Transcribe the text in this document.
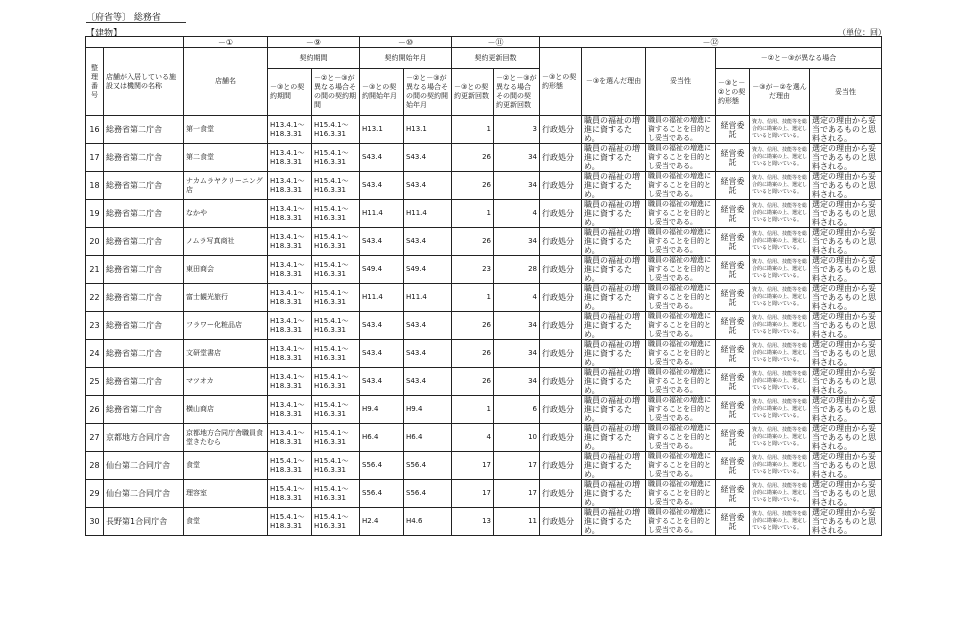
〔府省等〕 総務省
【建物】	（単位：回）
		－①	－⑨		－⑩		－⑪		－⑫					
整理番号	店舗が入居している施設又は機関の名称	店舗名	契約期間		契約開始年月		契約更新回数		－③との契約形態	－③を選んだ理由	妥当性	－②と－③が異なる場合		
			－③との契約期間	－②と－③が異なる場合その間の契約期間	－③との契約開始年月	－②と－③が異なる場合その間の契約開始年月	－③との契約更新回数	－②と－③が異なる場合その間の契約更新回数				－③と－②との契約形態	－③が－②を選んだ理由	妥当性
16	総務省第二庁舎	第一食堂	H13.4.1～H18.3.31	H15.4.1～H16.3.31	H13.1	H13.1	1	3	行政処分	職員の福祉の増進に資するため。	職員の福祉の増進に資することを目的とし妥当である。	経営委託	資力、信用、技能等を総合的に勘案の上、選定していると聞いている。	選定の理由から妥当であるものと思料される。
17	総務省第二庁舎	第二食堂	H13.4.1～H18.3.31	H15.4.1～H16.3.31	S43.4	S43.4	26	34	行政処分	職員の福祉の増進に資するため。	職員の福祉の増進に資することを目的とし妥当である。	経営委託	資力、信用、技能等を総合的に勘案の上、選定していると聞いている。	選定の理由から妥当であるものと思料される。
18	総務省第二庁舎	ナカムラヤクリーニング店	H13.4.1～H18.3.31	H15.4.1～H16.3.31	S43.4	S43.4	26	34	行政処分	職員の福祉の増進に資するため。	職員の福祉の増進に資することを目的とし妥当である。	経営委託	資力、信用、技能等を総合的に勘案の上、選定していると聞いている。	選定の理由から妥当であるものと思料される。
19	総務省第二庁舎	なかや	H13.4.1～H18.3.31	H15.4.1～H16.3.31	H11.4	H11.4	1	4	行政処分	職員の福祉の増進に資するため。	職員の福祉の増進に資することを目的とし妥当である。	経営委託	資力、信用、技能等を総合的に勘案の上、選定していると聞いている。	選定の理由から妥当であるものと思料される。
20	総務省第二庁舎	ノムラ写真商社	H13.4.1～H18.3.31	H15.4.1～H16.3.31	S43.4	S43.4	26	34	行政処分	職員の福祉の増進に資するため。	職員の福祉の増進に資することを目的とし妥当である。	経営委託	資力、信用、技能等を総合的に勘案の上、選定していると聞いている。	選定の理由から妥当であるものと思料される。
21	総務省第二庁舎	東田商会	H13.4.1～H18.3.31	H15.4.1～H16.3.31	S49.4	S49.4	23	28	行政処分	職員の福祉の増進に資するため。	職員の福祉の増進に資することを目的とし妥当である。	経営委託	資力、信用、技能等を総合的に勘案の上、選定していると聞いている。	選定の理由から妥当であるものと思料される。
22	総務省第二庁舎	富士観光旅行	H13.4.1～H18.3.31	H15.4.1～H16.3.31	H11.4	H11.4	1	4	行政処分	職員の福祉の増進に資するため。	職員の福祉の増進に資することを目的とし妥当である。	経営委託	資力、信用、技能等を総合的に勘案の上、選定していると聞いている。	選定の理由から妥当であるものと思料される。
23	総務省第二庁舎	フラワー化粧品店	H13.4.1～H18.3.31	H15.4.1～H16.3.31	S43.4	S43.4	26	34	行政処分	職員の福祉の増進に資するため。	職員の福祉の増進に資することを目的とし妥当である。	経営委託	資力、信用、技能等を総合的に勘案の上、選定していると聞いている。	選定の理由から妥当であるものと思料される。
24	総務省第二庁舎	文研堂書店	H13.4.1～H18.3.31	H15.4.1～H16.3.31	S43.4	S43.4	26	34	行政処分	職員の福祉の増進に資するため。	職員の福祉の増進に資することを目的とし妥当である。	経営委託	資力、信用、技能等を総合的に勘案の上、選定していると聞いている。	選定の理由から妥当であるものと思料される。
25	総務省第二庁舎	マツオカ	H13.4.1～H18.3.31	H15.4.1～H16.3.31	S43.4	S43.4	26	34	行政処分	職員の福祉の増進に資するため。	職員の福祉の増進に資することを目的とし妥当である。	経営委託	資力、信用、技能等を総合的に勘案の上、選定していると聞いている。	選定の理由から妥当であるものと思料される。
26	総務省第二庁舎	横山商店	H13.4.1～H18.3.31	H15.4.1～H16.3.31	H9.4	H9.4	1	6	行政処分	職員の福祉の増進に資するため。	職員の福祉の増進に資することを目的とし妥当である。	経営委託	資力、信用、技能等を総合的に勘案の上、選定していると聞いている。	選定の理由から妥当であるものと思料される。
27	京都地方合同庁舎	京都地方合同庁舎職員食堂きたむら	H13.4.1～H18.3.31	H15.4.1～H16.3.31	H6.4	H6.4	4	10	行政処分	職員の福祉の増進に資するため。	職員の福祉の増進に資することを目的とし妥当である。	経営委託	資力、信用、技能等を総合的に勘案の上、選定していると聞いている。	選定の理由から妥当であるものと思料される。
28	仙台第二合同庁舎	食堂	H15.4.1～H18.3.31	H15.4.1～H16.3.31	S56.4	S56.4	17	17	行政処分	職員の福祉の増進に資するため。	職員の福祉の増進に資することを目的とし妥当である。	経営委託	資力、信用、技能等を総合的に勘案の上、選定していると聞いている。	選定の理由から妥当であるものと思料される。
29	仙台第二合同庁舎	理容室	H15.4.1～H18.3.31	H15.4.1～H16.3.31	S56.4	S56.4	17	17	行政処分	職員の福祉の増進に資するため。	職員の福祉の増進に資することを目的とし妥当である。	経営委託	資力、信用、技能等を総合的に勘案の上、選定していると聞いている。	選定の理由から妥当であるものと思料される。
30	長野第1合同庁舎	食堂	H15.4.1～H18.3.31	H15.4.1～H16.3.31	H2.4	H4.6	13	11	行政処分	職員の福祉の増進に資するため。	職員の福祉の増進に資することを目的とし妥当である。	経営委託	資力、信用、技能等を総合的に勘案の上、選定していると聞いている。	選定の理由から妥当であるものと思料される。
